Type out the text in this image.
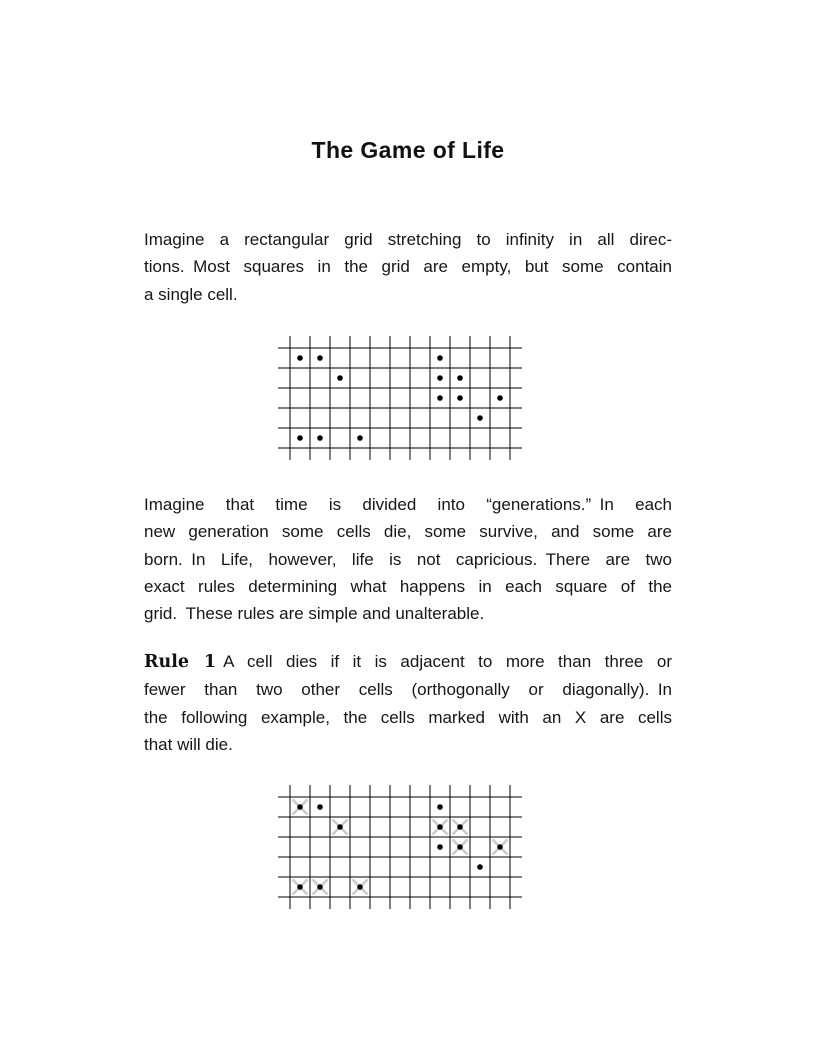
The Game of Life
Imagine a rectangular grid stretching to infinity in all direc-
tions. Most squares in the grid are empty, but some contain
a single cell.
Imagine that time is divided into “generations.” In each
new generation some cells die, some survive, and some are
born. In Life, however, life is not capricious. There are two
exact rules determining what happens in each square of the
grid. These rules are simple and unalterable.
Rule 1 A cell dies if it is adjacent to more than three or
fewer than two other cells (orthogonally or diagonally). In
the following example, the cells marked with an X are cells
that will die.
